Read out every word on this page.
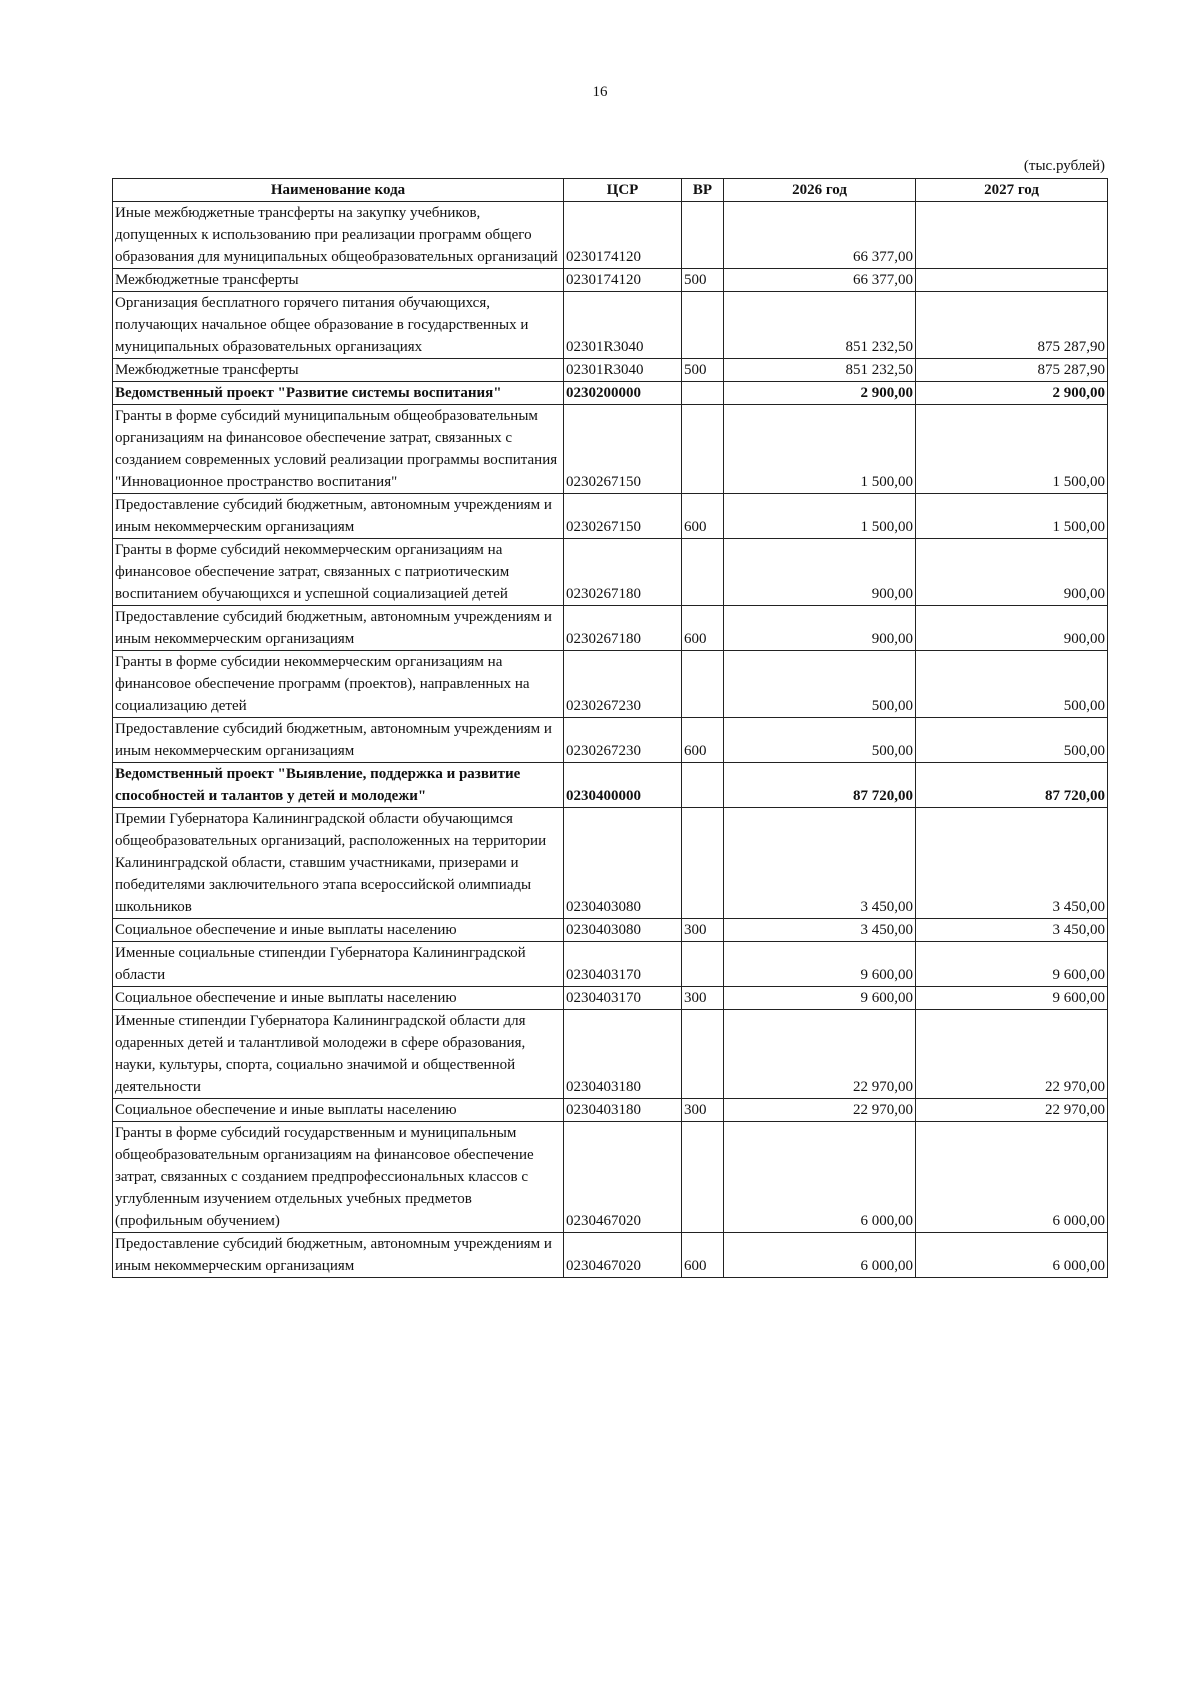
16
(тыс.рублей)
Наименование кода	ЦСР	ВР	2026 год	2027 год
Иные межбюджетные трансферты на закупку учебников, допущенных к использованию при реализации программ общего образования для муниципальных общеобразовательных организаций	0230174120		66 377,00	
Межбюджетные трансферты	0230174120	500	66 377,00	
Организация бесплатного горячего питания обучающихся, получающих начальное общее образование в государственных и муниципальных образовательных организациях	02301R3040		851 232,50	875 287,90
Межбюджетные трансферты	02301R3040	500	851 232,50	875 287,90
Ведомственный проект "Развитие системы воспитания"	0230200000		2 900,00	2 900,00
Гранты в форме субсидий муниципальным общеобразовательным организациям на финансовое обеспечение затрат, связанных с созданием современных условий реализации программы воспитания "Инновационное пространство воспитания"	0230267150		1 500,00	1 500,00
Предоставление субсидий бюджетным, автономным учреждениям и иным некоммерческим организациям	0230267150	600	1 500,00	1 500,00
Гранты в форме субсидий некоммерческим организациям на финансовое обеспечение затрат, связанных с патриотическим воспитанием обучающихся и успешной социализацией детей	0230267180		900,00	900,00
Предоставление субсидий бюджетным, автономным учреждениям и иным некоммерческим организациям	0230267180	600	900,00	900,00
Гранты в форме субсидии некоммерческим организациям на финансовое обеспечение программ (проектов), направленных на социализацию детей	0230267230		500,00	500,00
Предоставление субсидий бюджетным, автономным учреждениям и иным некоммерческим организациям	0230267230	600	500,00	500,00
Ведомственный проект "Выявление, поддержка и развитие способностей и талантов у детей и молодежи"	0230400000		87 720,00	87 720,00
Премии Губернатора Калининградской области обучающимся общеобразовательных организаций, расположенных на территории Калининградской области, ставшим участниками, призерами и победителями заключительного этапа всероссийской олимпиады школьников	0230403080		3 450,00	3 450,00
Социальное обеспечение и иные выплаты населению	0230403080	300	3 450,00	3 450,00
Именные социальные стипендии Губернатора Калининградской области	0230403170		9 600,00	9 600,00
Социальное обеспечение и иные выплаты населению	0230403170	300	9 600,00	9 600,00
Именные стипендии Губернатора Калининградской области для одаренных детей и талантливой молодежи в сфере образования, науки, культуры, спорта, социально значимой и общественной деятельности	0230403180		22 970,00	22 970,00
Социальное обеспечение и иные выплаты населению	0230403180	300	22 970,00	22 970,00
Гранты в форме субсидий государственным и муниципальным общеобразовательным организациям на финансовое обеспечение затрат, связанных с созданием предпрофессиональных классов с углубленным изучением отдельных учебных предметов (профильным обучением)	0230467020		6 000,00	6 000,00
Предоставление субсидий бюджетным, автономным учреждениям и иным некоммерческим организациям	0230467020	600	6 000,00	6 000,00
